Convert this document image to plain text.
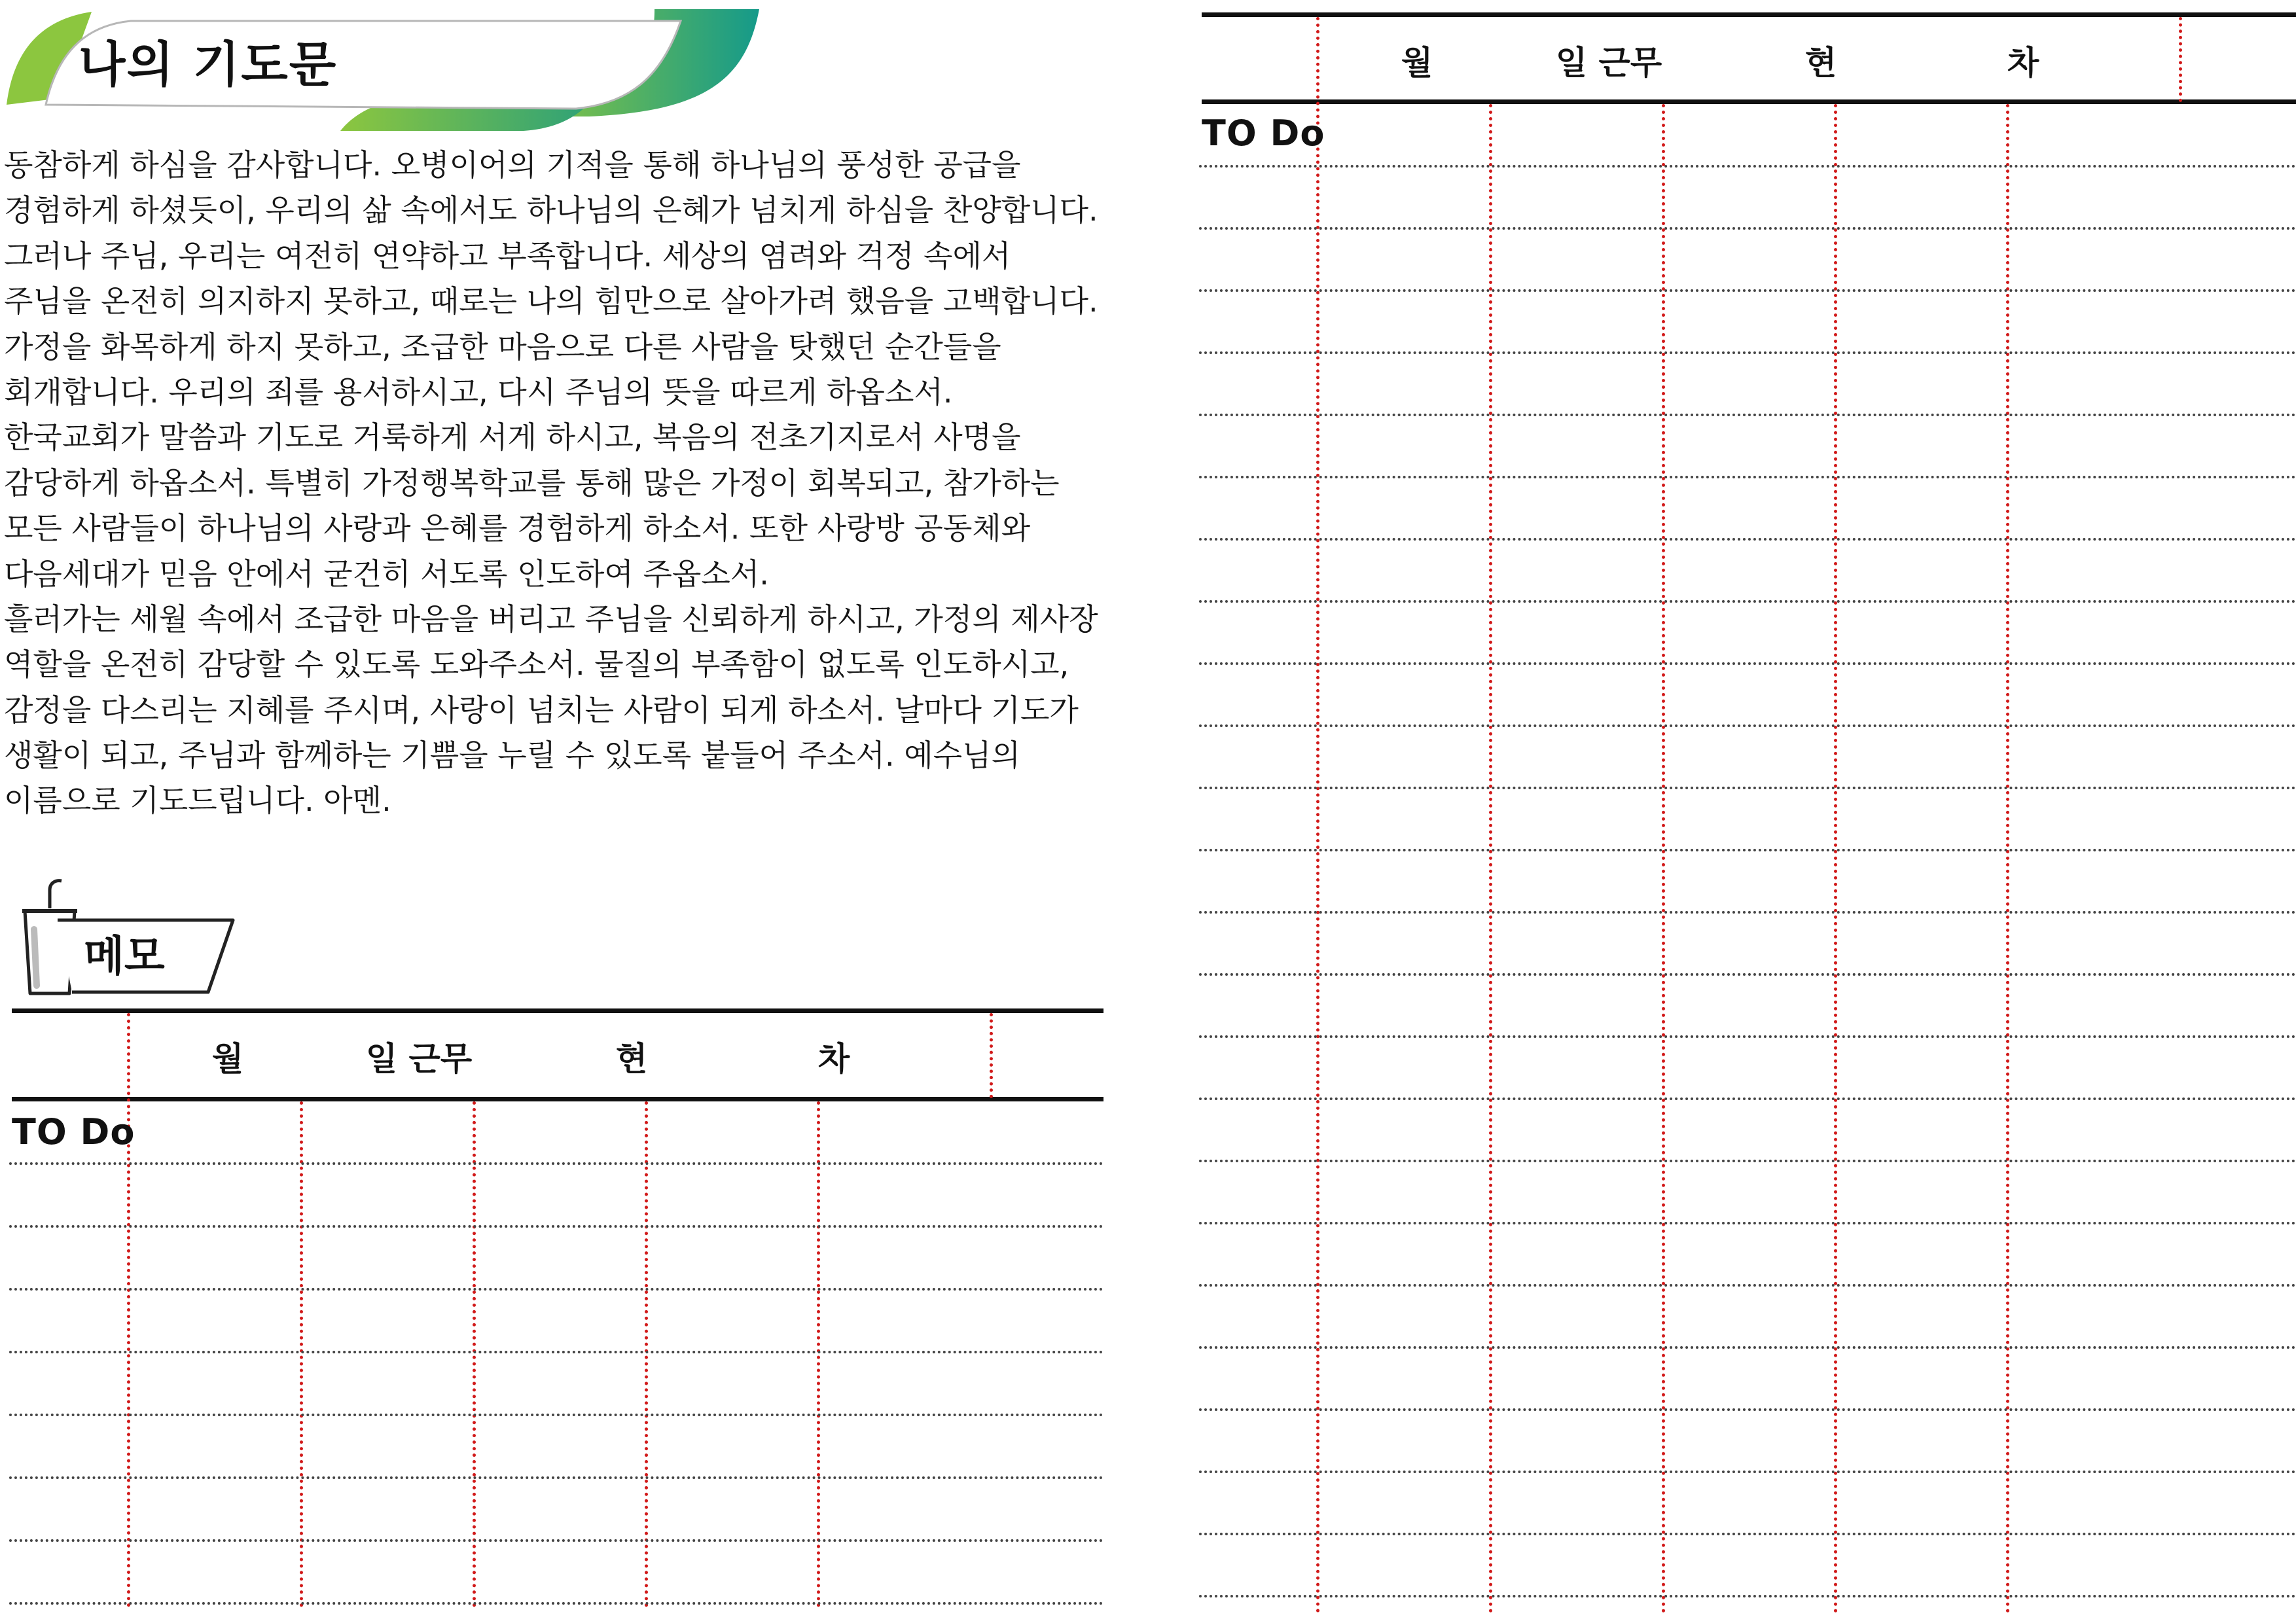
나의 기도문
동참하게 하심을 감사합니다. 오병이어의 기적을 통해 하나님의 풍성한 공급을
경험하게 하셨듯이, 우리의 삶 속에서도 하나님의 은혜가 넘치게 하심을 찬양합니다.
그러나 주님, 우리는 여전히 연약하고 부족합니다. 세상의 염려와 걱정 속에서
주님을 온전히 의지하지 못하고, 때로는 나의 힘만으로 살아가려 했음을 고백합니다.
가정을 화목하게 하지 못하고, 조급한 마음으로 다른 사람을 탓했던 순간들을
회개합니다. 우리의 죄를 용서하시고, 다시 주님의 뜻을 따르게 하옵소서.
한국교회가 말씀과 기도로 거룩하게 서게 하시고, 복음의 전초기지로서 사명을
감당하게 하옵소서. 특별히 가정행복학교를 통해 많은 가정이 회복되고, 참가하는
모든 사람들이 하나님의 사랑과 은혜를 경험하게 하소서. 또한 사랑방 공동체와
다음세대가 믿음 안에서 굳건히 서도록 인도하여 주옵소서.
흘러가는 세월 속에서 조급한 마음을 버리고 주님을 신뢰하게 하시고, 가정의 제사장
역할을 온전히 감당할 수 있도록 도와주소서. 물질의 부족함이 없도록 인도하시고,
감정을 다스리는 지혜를 주시며, 사랑이 넘치는 사람이 되게 하소서. 날마다 기도가
생활이 되고, 주님과 함께하는 기쁨을 누릴 수 있도록 붙들어 주소서. 예수님의
이름으로 기도드립니다. 아멘.
메모
월	일 근무	현	차
TO Do
월	일 근무	현	차
TO Do
